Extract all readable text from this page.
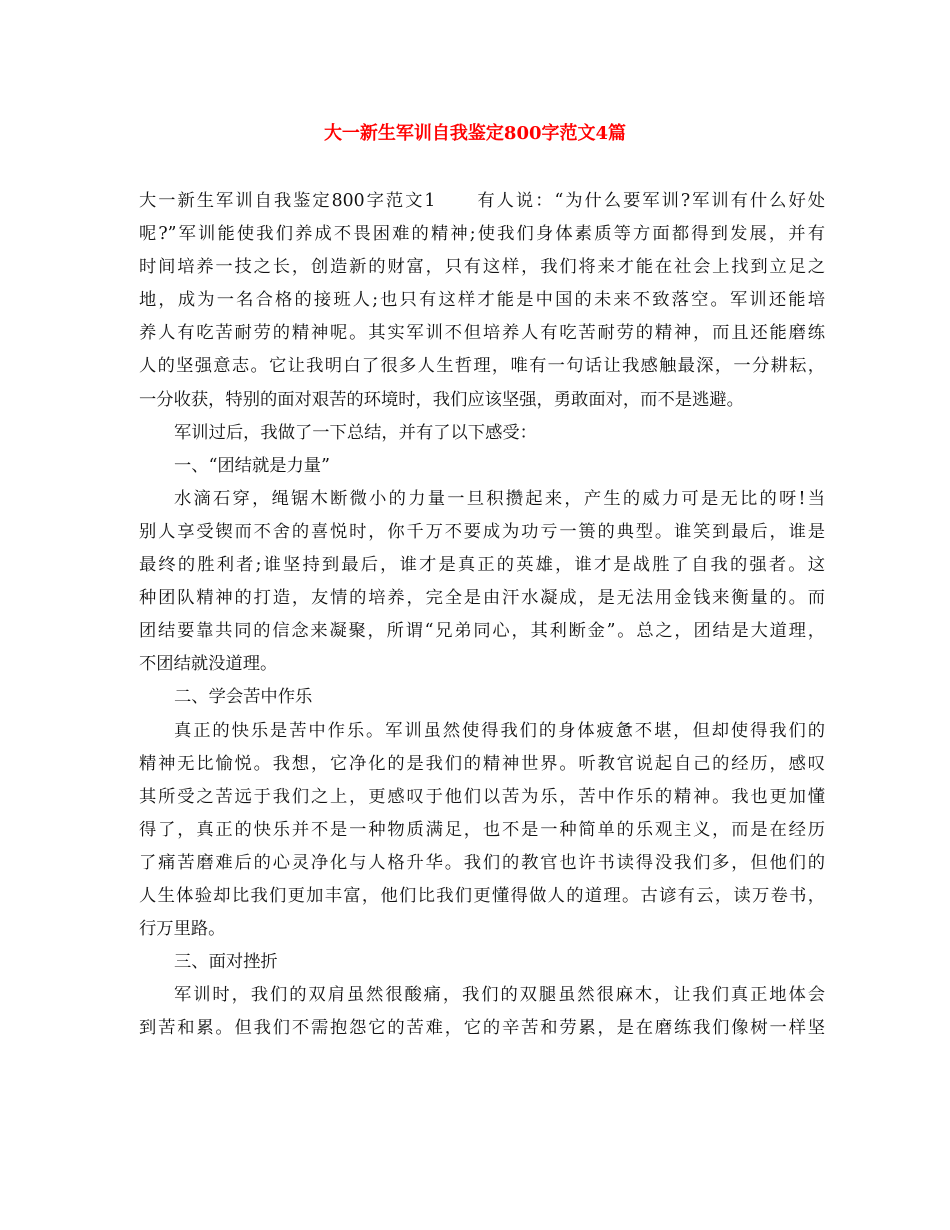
大一新生军训自我鉴定800字范文4篇
大一新生军训自我鉴定800字范文1 有人说：“为什么要军训?军训有什么好处
呢?”军训能使我们养成不畏困难的精神;使我们身体素质等方面都得到发展，并有
时间培养一技之长，创造新的财富，只有这样，我们将来才能在社会上找到立足之
地，成为一名合格的接班人;也只有这样才能是中国的未来不致落空。军训还能培
养人有吃苦耐劳的精神呢。其实军训不但培养人有吃苦耐劳的精神，而且还能磨练
人的坚强意志。它让我明白了很多人生哲理，唯有一句话让我感触最深，一分耕耘，
一分收获，特别的面对艰苦的环境时，我们应该坚强，勇敢面对，而不是逃避。
军训过后，我做了一下总结，并有了以下感受：
一、“团结就是力量”
水滴石穿，绳锯木断微小的力量一旦积攒起来，产生的威力可是无比的呀!当
别人享受锲而不舍的喜悦时，你千万不要成为功亏一篑的典型。谁笑到最后，谁是
最终的胜利者;谁坚持到最后，谁才是真正的英雄，谁才是战胜了自我的强者。这
种团队精神的打造，友情的培养，完全是由汗水凝成，是无法用金钱来衡量的。而
团结要靠共同的信念来凝聚，所谓“兄弟同心，其利断金”。总之，团结是大道理，
不团结就没道理。
二、学会苦中作乐
真正的快乐是苦中作乐。军训虽然使得我们的身体疲惫不堪，但却使得我们的
精神无比愉悦。我想，它净化的是我们的精神世界。听教官说起自己的经历，感叹
其所受之苦远于我们之上，更感叹于他们以苦为乐，苦中作乐的精神。我也更加懂
得了，真正的快乐并不是一种物质满足，也不是一种简单的乐观主义，而是在经历
了痛苦磨难后的心灵净化与人格升华。我们的教官也许书读得没我们多，但他们的
人生体验却比我们更加丰富，他们比我们更懂得做人的道理。古谚有云，读万卷书，
行万里路。
三、面对挫折
军训时，我们的双肩虽然很酸痛，我们的双腿虽然很麻木，让我们真正地体会
到苦和累。但我们不需抱怨它的苦难，它的辛苦和劳累，是在磨练我们像树一样坚
